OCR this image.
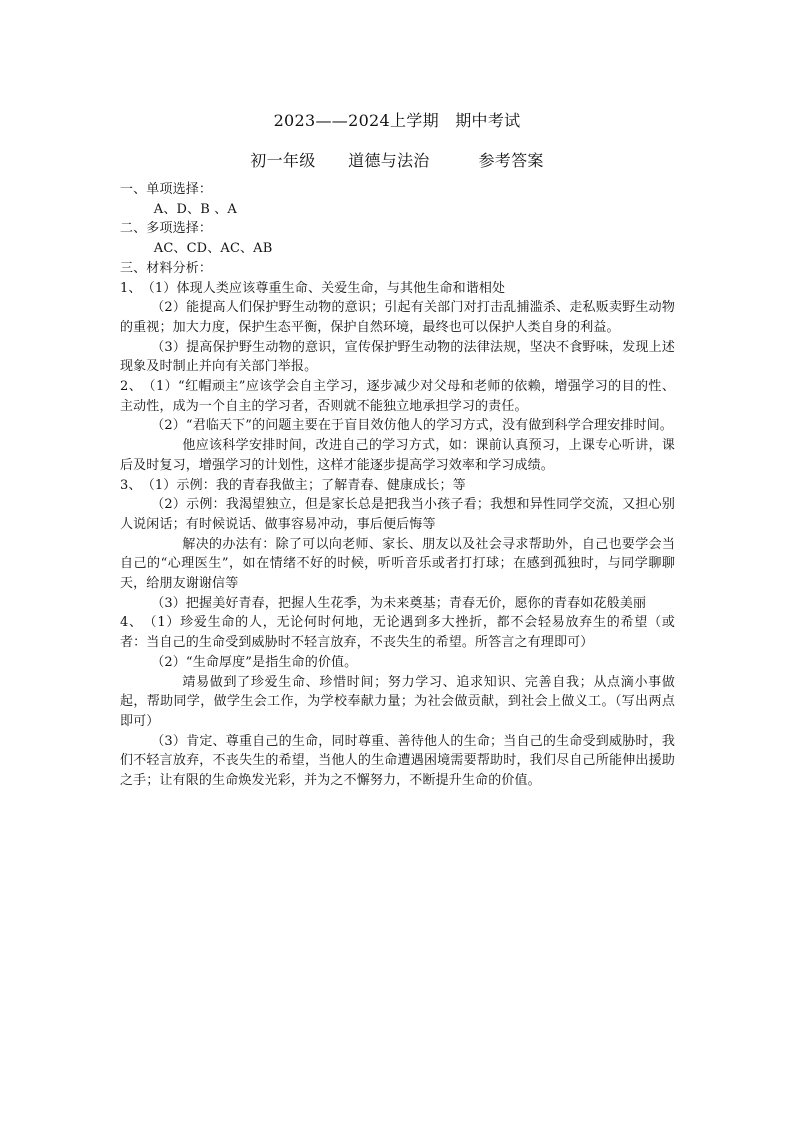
2023——2024上学期　期中考试
初一年级　　道德与法治　　　参考答案

一、单项选择：

A、D、B 、A

二、多项选择：

AC、CD、AC、AB

三、材料分析：

1、　（1）体现人类应该尊重生命、关爱生命，与其他生命和谐相处

（2）能提高人们保护野生动物的意识；引起有关部门对打击乱捕滥杀、走私贩卖野生动物的重视；加大力度，保护生态平衡，保护自然环境，最终也可以保护人类自身的利益。

（3）提高保护野生动物的意识，宣传保护野生动物的法律法规，坚决不食野味，发现上述现象及时制止并向有关部门举报。

2、　（1）“红帽顽主”应该学会自主学习，逐步减少对父母和老师的依赖，增强学习的目的性、主动性，成为一个自主的学习者，否则就不能独立地承担学习的责任。

（2）“君临天下”的问题主要在于盲目效仿他人的学习方式，没有做到科学合理安排时间。

他应该科学安排时间，改进自己的学习方式，如：课前认真预习，上课专心听讲，课后及时复习，增强学习的计划性，这样才能逐步提高学习效率和学习成绩。

3、　（1）示例：我的青春我做主；了解青春、健康成长；等

（2）示例：我渴望独立，但是家长总是把我当小孩子看；我想和异性同学交流，又担心别人说闲话；有时候说话、做事容易冲动，事后便后悔等

解决的办法有：除了可以向老师、家长、朋友以及社会寻求帮助外，自己也要学会当自己的“心理医生”，如在情绪不好的时候，听听音乐或者打打球；在感到孤独时，与同学聊聊天，给朋友谢谢信等

（3）把握美好青春，把握人生花季，为未来奠基；青春无价，愿你的青春如花般美丽

4、　（1）珍爱生命的人，无论何时何地，无论遇到多大挫折，都不会轻易放弃生的希望（或者：当自己的生命受到威胁时不轻言放弃，不丧失生的希望。所答言之有理即可）

（2）“生命厚度”是指生命的价值。

靖易做到了珍爱生命、珍惜时间；努力学习、追求知识、完善自我；从点滴小事做起，帮助同学，做学生会工作，为学校奉献力量；为社会做贡献，到社会上做义工。（写出两点即可）

（3）肯定、尊重自己的生命，同时尊重、善待他人的生命；当自己的生命受到威胁时，我们不轻言放弃，不丧失生的希望，当他人的生命遭遇困境需要帮助时，我们尽自己所能伸出援助之手；让有限的生命焕发光彩，并为之不懈努力，不断提升生命的价值。
